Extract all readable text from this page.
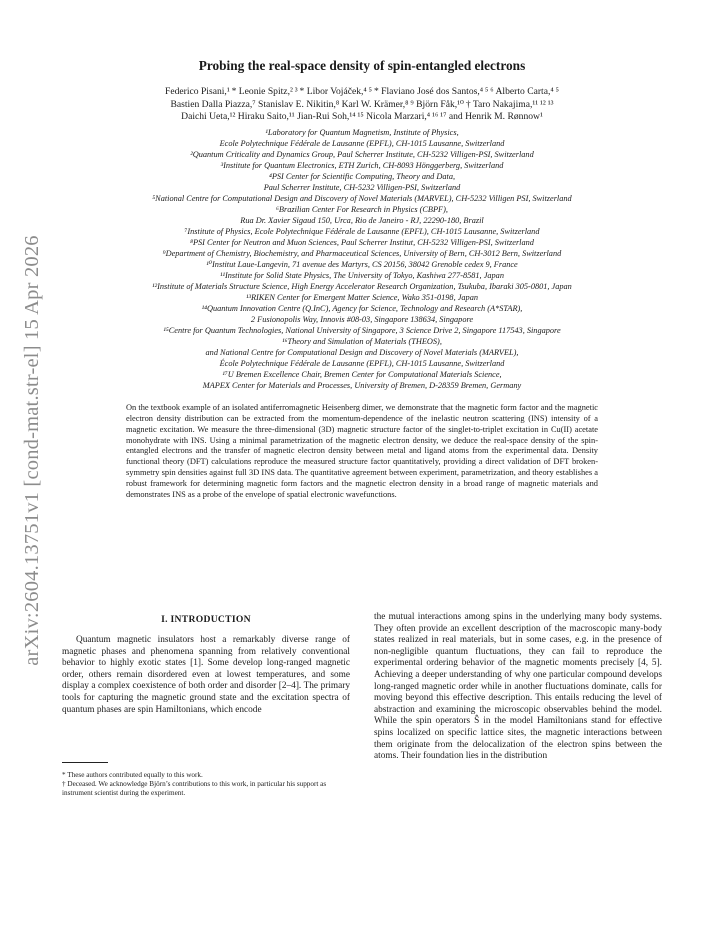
arXiv:2604.13751v1 [cond-mat.str-el] 15 Apr 2026
Probing the real-space density of spin-entangled electrons
Federico Pisani,¹ * Leonie Spitz,² ³ * Libor Vojáček,⁴ ⁵ * Flaviano José dos Santos,⁴ ⁵ ⁶ Alberto Carta,⁴ ⁵
Bastien Dalla Piazza,⁷ Stanislav E. Nikitin,⁸ Karl W. Krämer,⁸ ⁹ Björn Fåk,¹⁰ † Taro Nakajima,¹¹ ¹² ¹³
Daichi Ueta,¹² Hiraku Saito,¹¹ Jian-Rui Soh,¹⁴ ¹⁵ Nicola Marzari,⁴ ¹⁶ ¹⁷ and Henrik M. Rønnow¹
¹Laboratory for Quantum Magnetism, Institute of Physics,
Ecole Polytechnique Fédérale de Lausanne (EPFL), CH-1015 Lausanne, Switzerland
²Quantum Criticality and Dynamics Group, Paul Scherrer Institute, CH-5232 Villigen-PSI, Switzerland
³Institute for Quantum Electronics, ETH Zurich, CH-8093 Hönggerberg, Switzerland
⁴PSI Center for Scientific Computing, Theory and Data,
Paul Scherrer Institute, CH-5232 Villigen-PSI, Switzerland
⁵National Centre for Computational Design and Discovery of Novel Materials (MARVEL), CH-5232 Villigen PSI, Switzerland
⁶Brazilian Center For Research in Physics (CBPF),
Rua Dr. Xavier Sigaud 150, Urca, Rio de Janeiro - RJ, 22290-180, Brazil
⁷Institute of Physics, Ecole Polytechnique Fédérale de Lausanne (EPFL), CH-1015 Lausanne, Switzerland
⁸PSI Center for Neutron and Muon Sciences, Paul Scherrer Institut, CH-5232 Villigen-PSI, Switzerland
⁹Department of Chemistry, Biochemistry, and Pharmaceutical Sciences, University of Bern, CH-3012 Bern, Switzerland
¹⁰Institut Laue-Langevin, 71 avenue des Martyrs, CS 20156, 38042 Grenoble cedex 9, France
¹¹Institute for Solid State Physics, The University of Tokyo, Kashiwa 277-8581, Japan
¹²Institute of Materials Structure Science, High Energy Accelerator Research Organization, Tsukuba, Ibaraki 305-0801, Japan
¹³RIKEN Center for Emergent Matter Science, Wako 351-0198, Japan
¹⁴Quantum Innovation Centre (Q.InC), Agency for Science, Technology and Research (A*STAR),
2 Fusionopolis Way, Innovis #08-03, Singapore 138634, Singapore
¹⁵Centre for Quantum Technologies, National University of Singapore, 3 Science Drive 2, Singapore 117543, Singapore
¹⁶Theory and Simulation of Materials (THEOS),
and National Centre for Computational Design and Discovery of Novel Materials (MARVEL),
École Polytechnique Fédérale de Lausanne (EPFL), CH-1015 Lausanne, Switzerland
¹⁷U Bremen Excellence Chair, Bremen Center for Computational Materials Science,
MAPEX Center for Materials and Processes, University of Bremen, D-28359 Bremen, Germany

On the textbook example of an isolated antiferromagnetic Heisenberg dimer, we demonstrate that the magnetic form factor and the magnetic electron density distribution can be extracted from the momentum-dependence of the inelastic neutron scattering (INS) intensity of a magnetic excitation. We measure the three-dimensional (3D) magnetic structure factor of the singlet-to-triplet excitation in Cu(II) acetate monohydrate with INS. Using a minimal parametrization of the magnetic electron density, we deduce the real-space density of the spin-entangled electrons and the transfer of magnetic electron density between metal and ligand atoms from the experimental data. Density functional theory (DFT) calculations reproduce the measured structure factor quantitatively, providing a direct validation of DFT broken-symmetry spin densities against full 3D INS data. The quantitative agreement between experiment, parametrization, and theory establishes a robust framework for determining magnetic form factors and the magnetic electron density in a broad range of magnetic materials and demonstrates INS as a probe of the envelope of spatial electronic wavefunctions.

I. INTRODUCTION

Quantum magnetic insulators host a remarkably diverse range of magnetic phases and phenomena spanning from relatively conventional behavior to highly exotic states [1]. Some develop long-ranged magnetic order, others remain disordered even at lowest temperatures, and some display a complex coexistence of both order and disorder [2–4]. The primary tools for capturing the magnetic ground state and the excitation spectra of quantum phases are spin Hamiltonians, which encode

* These authors contributed equally to this work.
† Deceased. We acknowledge Björn’s contributions to this work, in particular his support as instrument scientist during the experiment.

the mutual interactions among spins in the underlying many body systems. They often provide an excellent description of the macroscopic many-body states realized in real materials, but in some cases, e.g. in the presence of non-negligible quantum fluctuations, they can fail to reproduce the experimental ordering behavior of the magnetic moments precisely [4, 5]. Achieving a deeper understanding of why one particular compound develops long-ranged magnetic order while in another fluctuations dominate, calls for moving beyond this effective description. This entails reducing the level of abstraction and examining the microscopic observables behind the model. While the spin operators Ŝ in the model Hamiltonians stand for effective spins localized on specific lattice sites, the magnetic interactions between them originate from the delocalization of the electron spins between the atoms. Their foundation lies in the distribution
